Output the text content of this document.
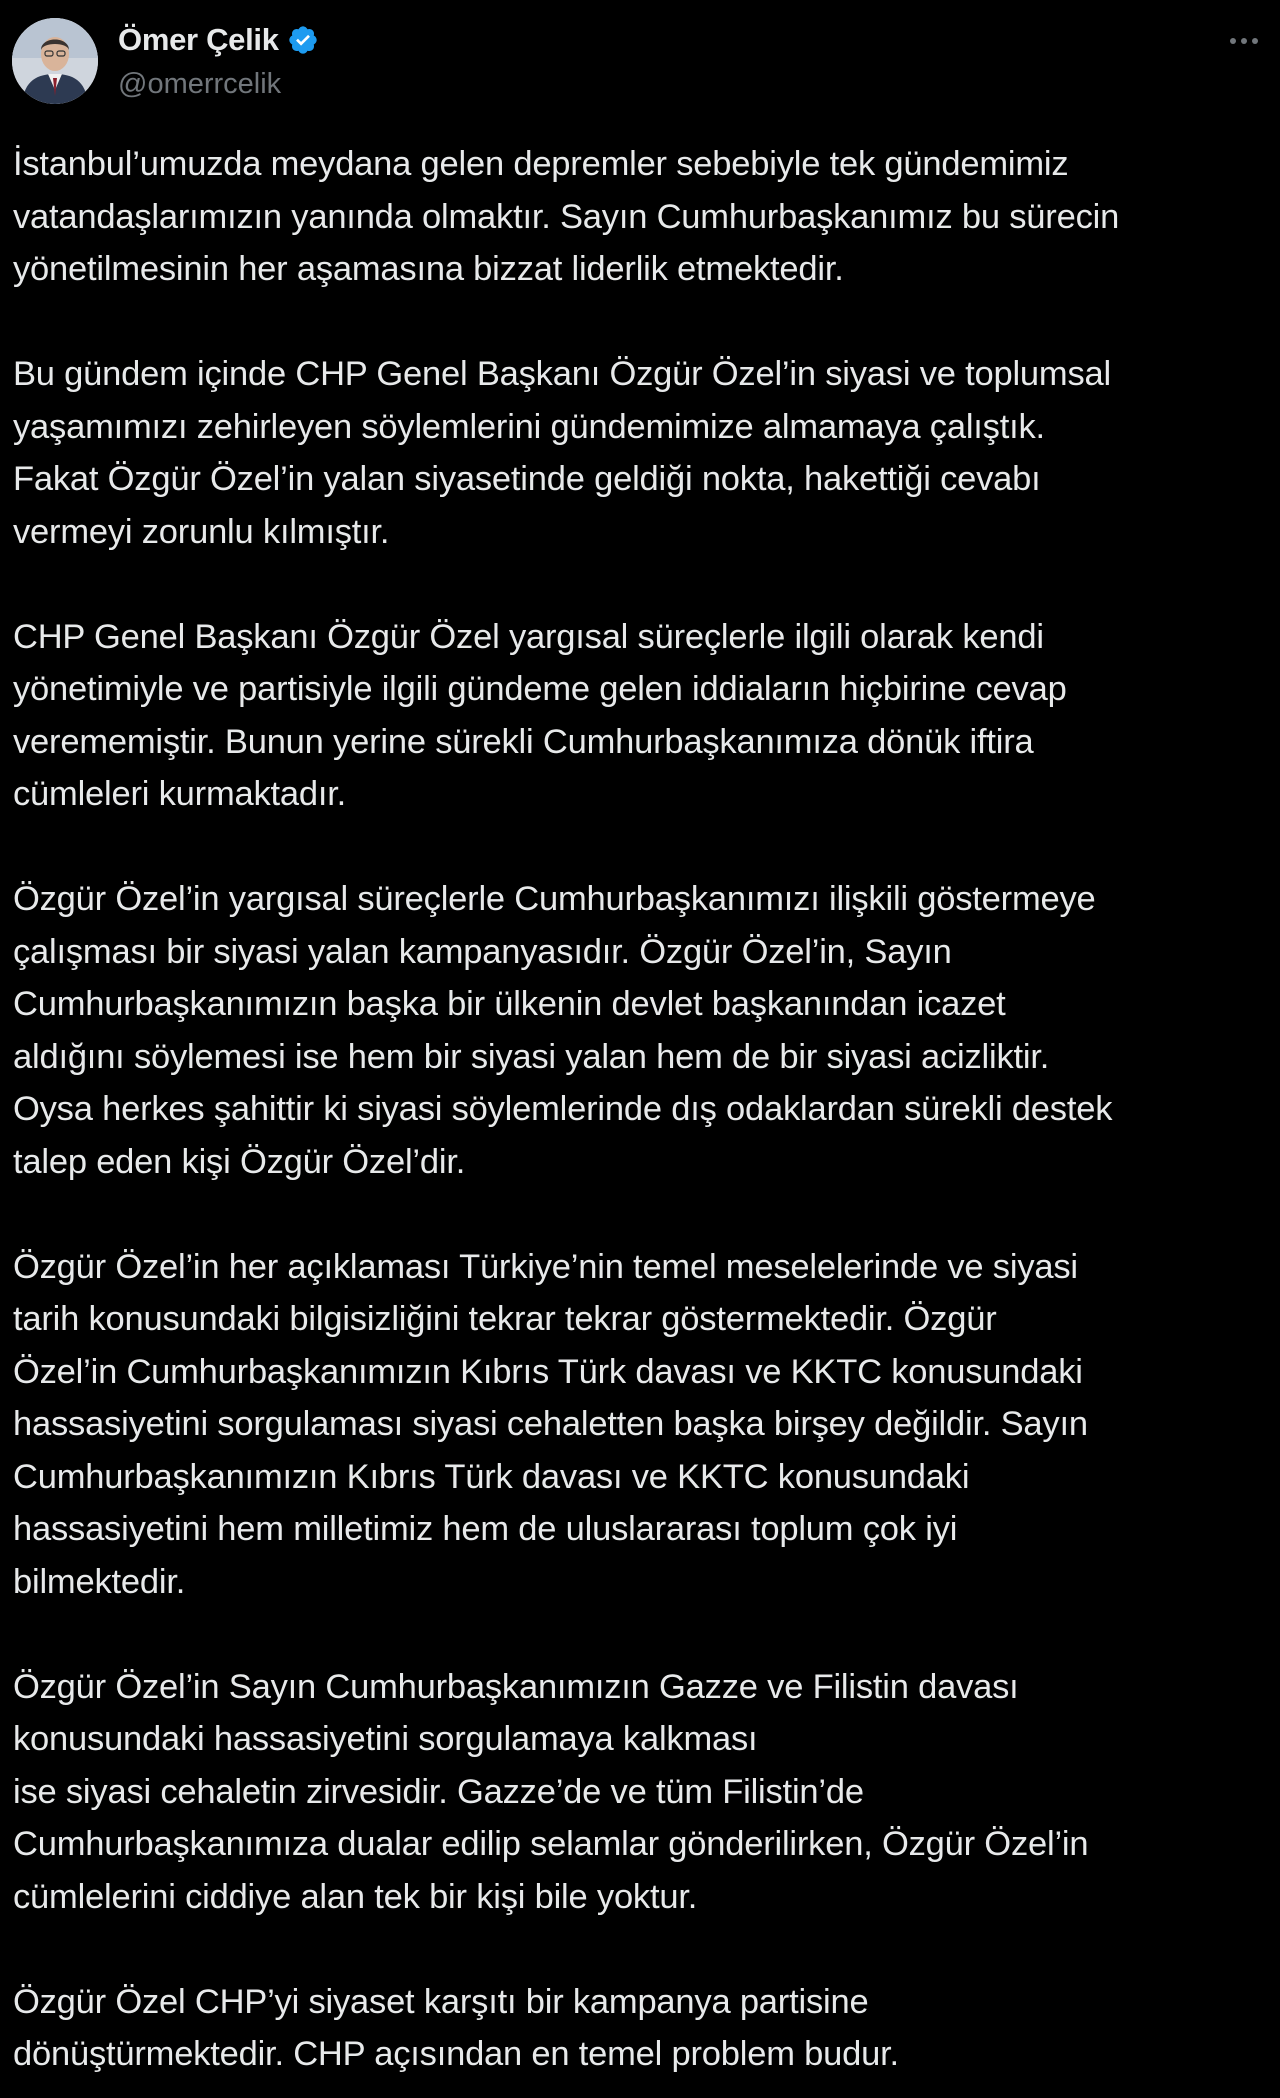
Ömer Çelik
@omerrcelik

İstanbul’umuzda meydana gelen depremler sebebiyle tek gündemimiz
vatandaşlarımızın yanında olmaktır. Sayın Cumhurbaşkanımız bu sürecin
yönetilmesinin her aşamasına bizzat liderlik etmektedir.

Bu gündem içinde CHP Genel Başkanı Özgür Özel’in siyasi ve toplumsal
yaşamımızı zehirleyen söylemlerini gündemimize almamaya çalıştık.
Fakat Özgür Özel’in yalan siyasetinde geldiği nokta, hakettiği cevabı
vermeyi zorunlu kılmıştır.

CHP Genel Başkanı Özgür Özel yargısal süreçlerle ilgili olarak kendi
yönetimiyle ve partisiyle ilgili gündeme gelen iddiaların hiçbirine cevap
verememiştir. Bunun yerine sürekli Cumhurbaşkanımıza dönük iftira
cümleleri kurmaktadır.

Özgür Özel’in yargısal süreçlerle Cumhurbaşkanımızı ilişkili göstermeye
çalışması bir siyasi yalan kampanyasıdır. Özgür Özel’in, Sayın
Cumhurbaşkanımızın başka bir ülkenin devlet başkanından icazet
aldığını söylemesi ise hem bir siyasi yalan hem de bir siyasi acizliktir.
Oysa herkes şahittir ki siyasi söylemlerinde dış odaklardan sürekli destek
talep eden kişi Özgür Özel’dir.

Özgür Özel’in her açıklaması Türkiye’nin temel meselelerinde ve siyasi
tarih konusundaki bilgisizliğini tekrar tekrar göstermektedir. Özgür
Özel’in Cumhurbaşkanımızın Kıbrıs Türk davası ve KKTC konusundaki
hassasiyetini sorgulaması siyasi cehaletten başka birşey değildir. Sayın
Cumhurbaşkanımızın Kıbrıs Türk davası ve KKTC konusundaki
hassasiyetini hem milletimiz hem de uluslararası toplum çok iyi
bilmektedir.

Özgür Özel’in Sayın Cumhurbaşkanımızın Gazze ve Filistin davası
konusundaki hassasiyetini sorgulamaya kalkması
ise siyasi cehaletin zirvesidir. Gazze’de ve tüm Filistin’de
Cumhurbaşkanımıza dualar edilip selamlar gönderilirken, Özgür Özel’in
cümlelerini ciddiye alan tek bir kişi bile yoktur.

Özgür Özel CHP’yi siyaset karşıtı bir kampanya partisine
dönüştürmektedir. CHP açısından en temel problem budur.
